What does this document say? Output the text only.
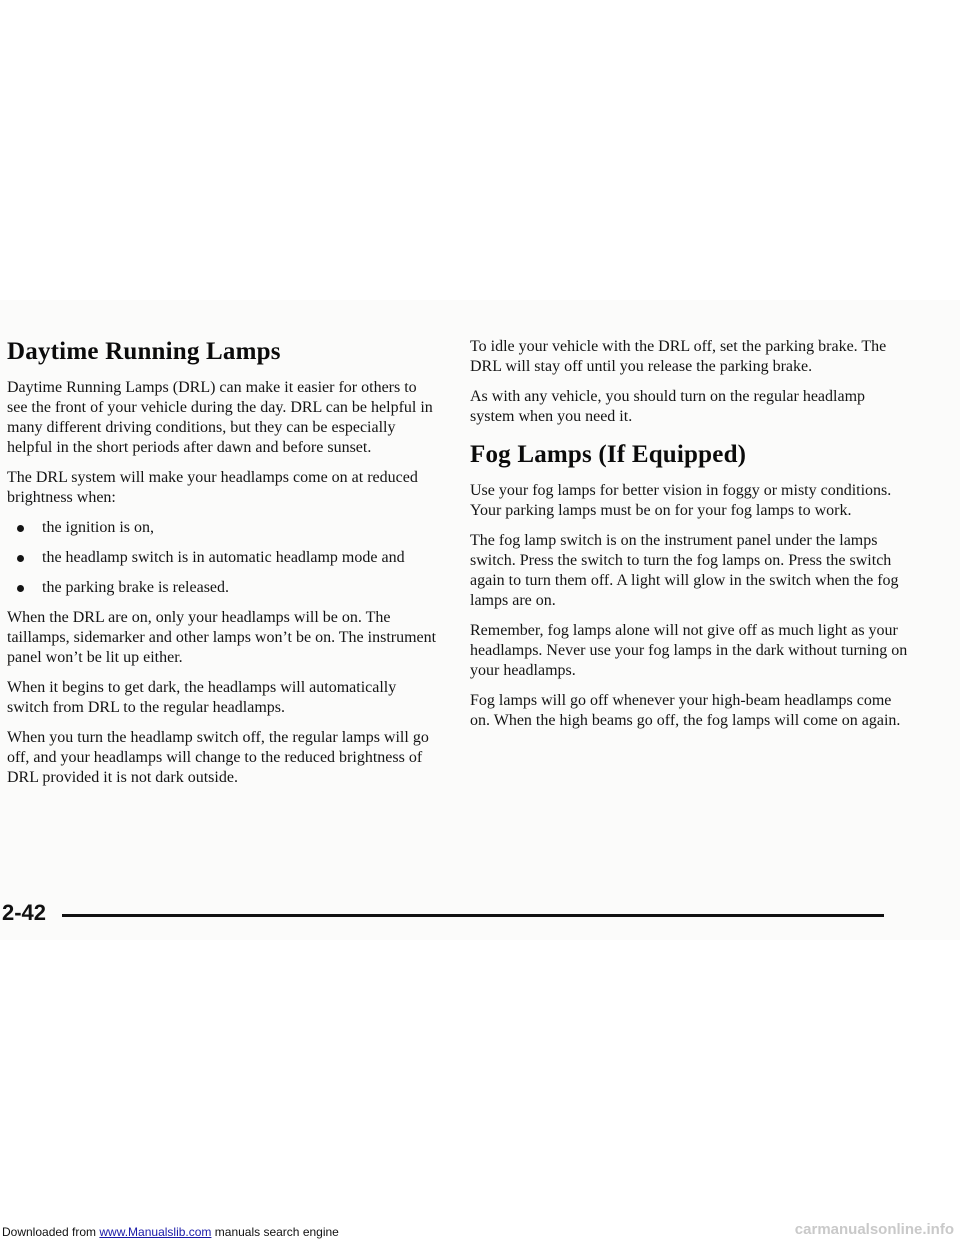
Daytime Running Lamps

Daytime Running Lamps (DRL) can make it easier for others to see the front of your vehicle during the day. DRL can be helpful in many different driving conditions, but they can be especially helpful in the short periods after dawn and before sunset.

The DRL system will make your headlamps come on at reduced brightness when:

the ignition is on,
the headlamp switch is in automatic headlamp mode and
the parking brake is released.

When the DRL are on, only your headlamps will be on. The taillamps, sidemarker and other lamps won’t be on. The instrument panel won’t be lit up either.

When it begins to get dark, the headlamps will automatically switch from DRL to the regular headlamps.

When you turn the headlamp switch off, the regular lamps will go off, and your headlamps will change to the reduced brightness of DRL provided it is not dark outside.

To idle your vehicle with the DRL off, set the parking brake. The DRL will stay off until you release the parking brake.

As with any vehicle, you should turn on the regular headlamp system when you need it.

Fog Lamps (If Equipped)

Use your fog lamps for better vision in foggy or misty conditions. Your parking lamps must be on for your fog lamps to work.

The fog lamp switch is on the instrument panel under the lamps switch. Press the switch to turn the fog lamps on. Press the switch again to turn them off. A light will glow in the switch when the fog lamps are on.

Remember, fog lamps alone will not give off as much light as your headlamps. Never use your fog lamps in the dark without turning on your headlamps.

Fog lamps will go off whenever your high-beam headlamps come on. When the high beams go off, the fog lamps will come on again.

2-42
Downloaded from www.Manualslib.com manuals search engine	carmanualsonline.info
